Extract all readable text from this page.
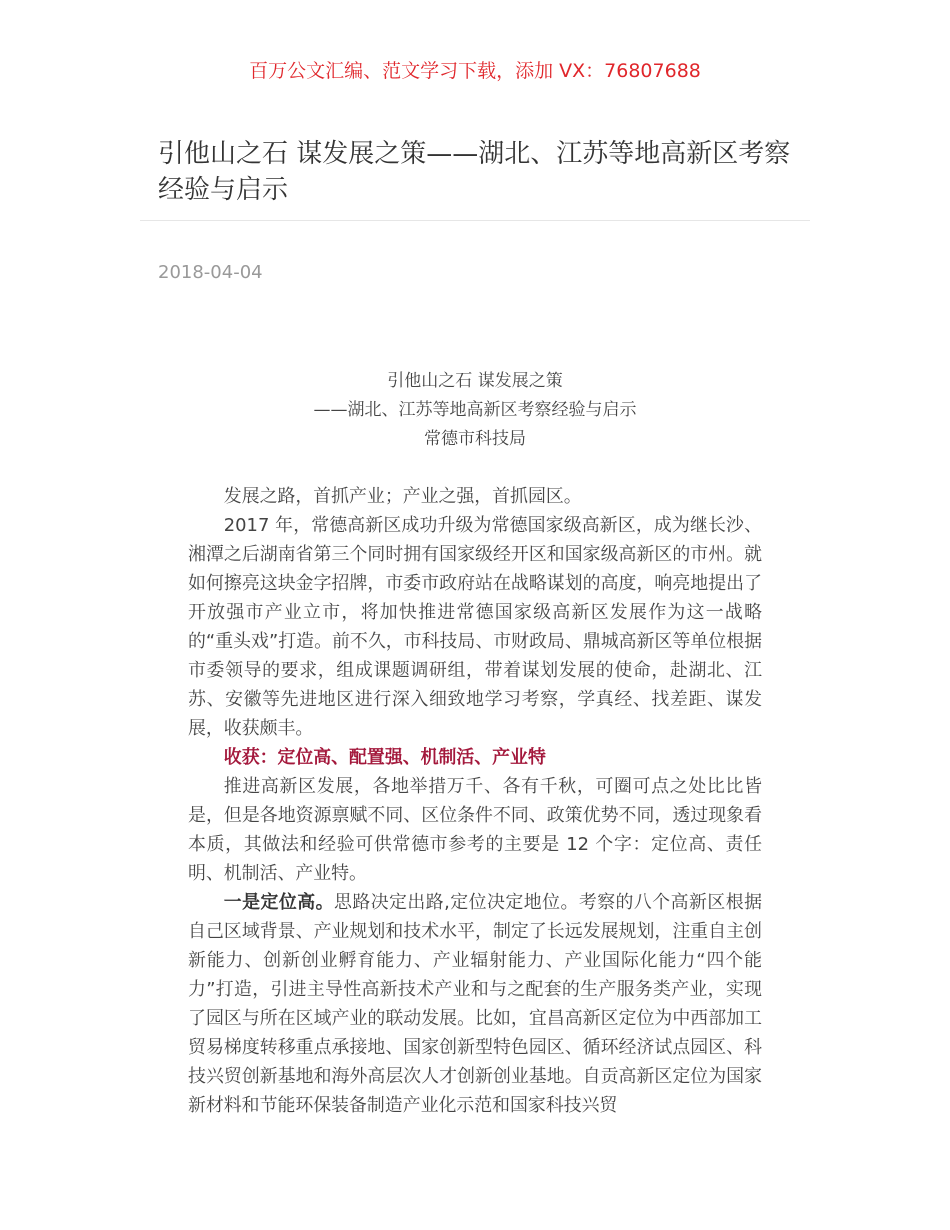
百万公文汇编、范文学习下载，添加 VX：76807688
引他山之石 谋发展之策——湖北、江苏等地高新区考察经验与启示
2018-04-04
引他山之石 谋发展之策
——湖北、江苏等地高新区考察经验与启示
常德市科技局

发展之路，首抓产业；产业之强，首抓园区。

2017 年，常德高新区成功升级为常德国家级高新区，成为继长沙、湘潭之后湖南省第三个同时拥有国家级经开区和国家级高新区的市州。就如何擦亮这块金字招牌，市委市政府站在战略谋划的高度，响亮地提出了开放强市产业立市，将加快推进常德国家级高新区发展作为这一战略的“重头戏”打造。前不久，市科技局、市财政局、鼎城高新区等单位根据市委领导的要求，组成课题调研组，带着谋划发展的使命，赴湖北、江苏、安徽等先进地区进行深入细致地学习考察，学真经、找差距、谋发展，收获颇丰。

收获：定位高、配置强、机制活、产业特

推进高新区发展，各地举措万千、各有千秋，可圈可点之处比比皆是，但是各地资源禀赋不同、区位条件不同、政策优势不同，透过现象看本质，其做法和经验可供常德市参考的主要是 12 个字：定位高、责任明、机制活、产业特。

一是定位高。思路决定出路,定位决定地位。考察的八个高新区根据自己区域背景、产业规划和技术水平，制定了长远发展规划，注重自主创新能力、创新创业孵育能力、产业辐射能力、产业国际化能力“四个能力”打造，引进主导性高新技术产业和与之配套的生产服务类产业，实现了园区与所在区域产业的联动发展。比如，宜昌高新区定位为中西部加工贸易梯度转移重点承接地、国家创新型特色园区、循环经济试点园区、科技兴贸创新基地和海外高层次人才创新创业基地。自贡高新区定位为国家新材料和节能环保装备制造产业化示范和国家科技兴贸
